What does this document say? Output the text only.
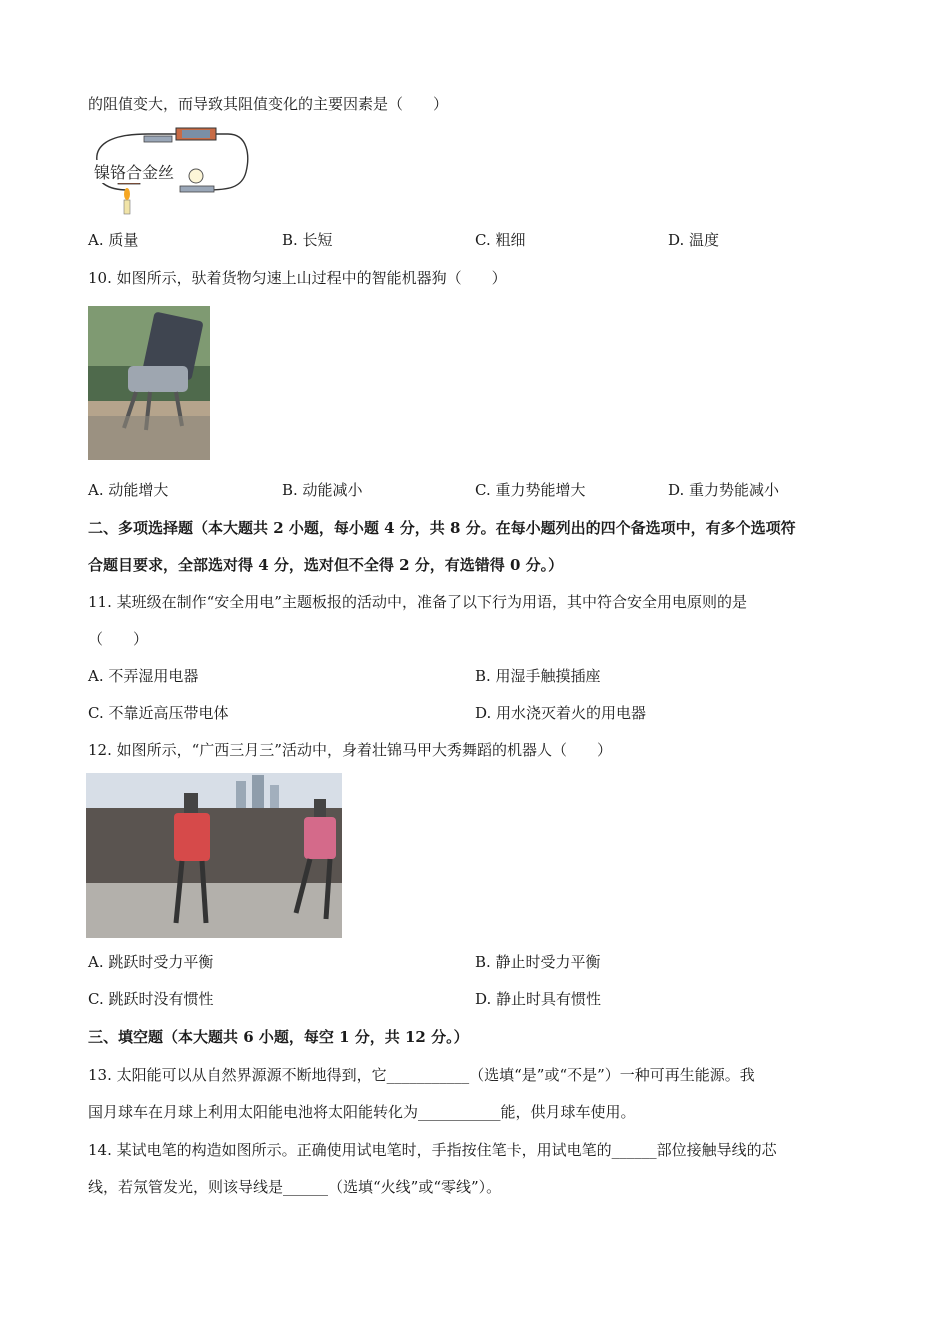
的阻值变大，而导致其阻值变化的主要因素是（　　）
镍铬合金丝
A. 质量	B. 长短	C. 粗细	D. 温度
10. 如图所示，驮着货物匀速上山过程中的智能机器狗（　　）
A. 动能增大	B. 动能减小	C. 重力势能增大	D. 重力势能减小
二、多项选择题（本大题共 2 小题，每小题 4 分，共 8 分。在每小题列出的四个备选项中，有多个选项符
合题目要求，全部选对得 4 分，选对但不全得 2 分，有选错得 0 分。）
11. 某班级在制作“安全用电”主题板报的活动中，准备了以下行为用语，其中符合安全用电原则的是
（　　）
A. 不弄湿用电器	B. 用湿手触摸插座
C. 不靠近高压带电体	D. 用水浇灭着火的用电器
12. 如图所示，“广西三月三”活动中，身着壮锦马甲大秀舞蹈的机器人（　　）
A. 跳跃时受力平衡	B. 静止时受力平衡
C. 跳跃时没有惯性	D. 静止时具有惯性
三、填空题（本大题共 6 小题，每空 1 分，共 12 分。）
13. 太阳能可以从自然界源源不断地得到，它___________（选填“是”或“不是”）一种可再生能源。我
国月球车在月球上利用太阳能电池将太阳能转化为___________能，供月球车使用。
14. 某试电笔的构造如图所示。正确使用试电笔时，手指按住笔卡，用试电笔的______部位接触导线的芯
线，若氖管发光，则该导线是______（选填“火线”或“零线”）。
